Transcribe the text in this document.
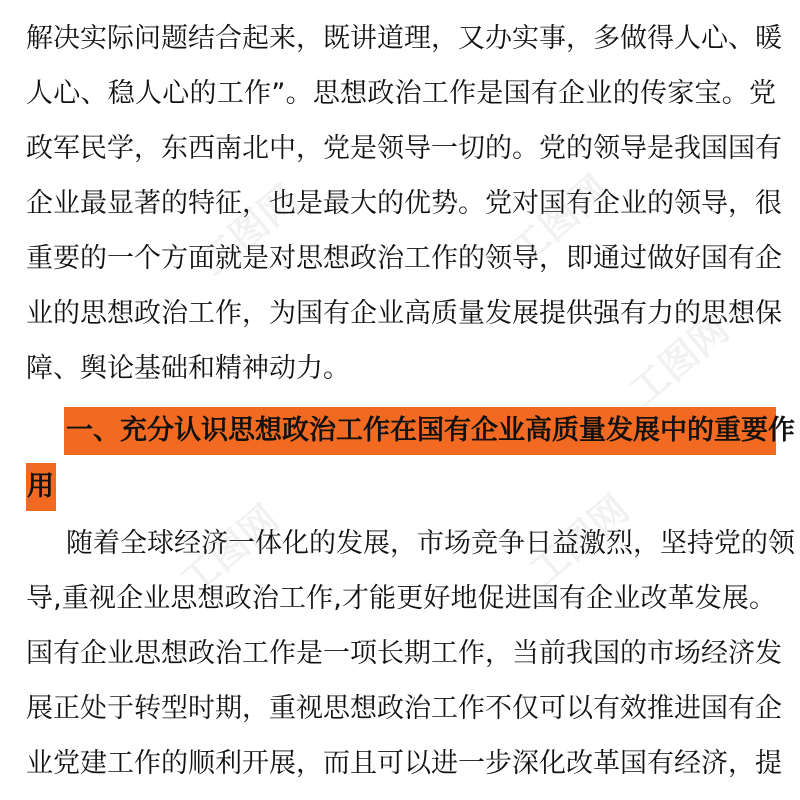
解决实际问题结合起来，既讲道理，又办实事，多做得人心、暖
人心、稳人心的工作”。思想政治工作是国有企业的传家宝。党
政军民学，东西南北中，党是领导一切的。党的领导是我国国有
企业最显著的特征，也是最大的优势。党对国有企业的领导，很
重要的一个方面就是对思想政治工作的领导，即通过做好国有企
业的思想政治工作，为国有企业高质量发展提供强有力的思想保
障、舆论基础和精神动力。
一、充分认识思想政治工作在国有企业高质量发展中的重要作
用
随着全球经济一体化的发展，市场竞争日益激烈，坚持党的领
导,重视企业思想政治工作,才能更好地促进国有企业改革发展。
国有企业思想政治工作是一项长期工作，当前我国的市场经济发
展正处于转型时期，重视思想政治工作不仅可以有效推进国有企
业党建工作的顺利开展，而且可以进一步深化改革国有经济，提
工图网	工图网
工图网
工图网	工图网
